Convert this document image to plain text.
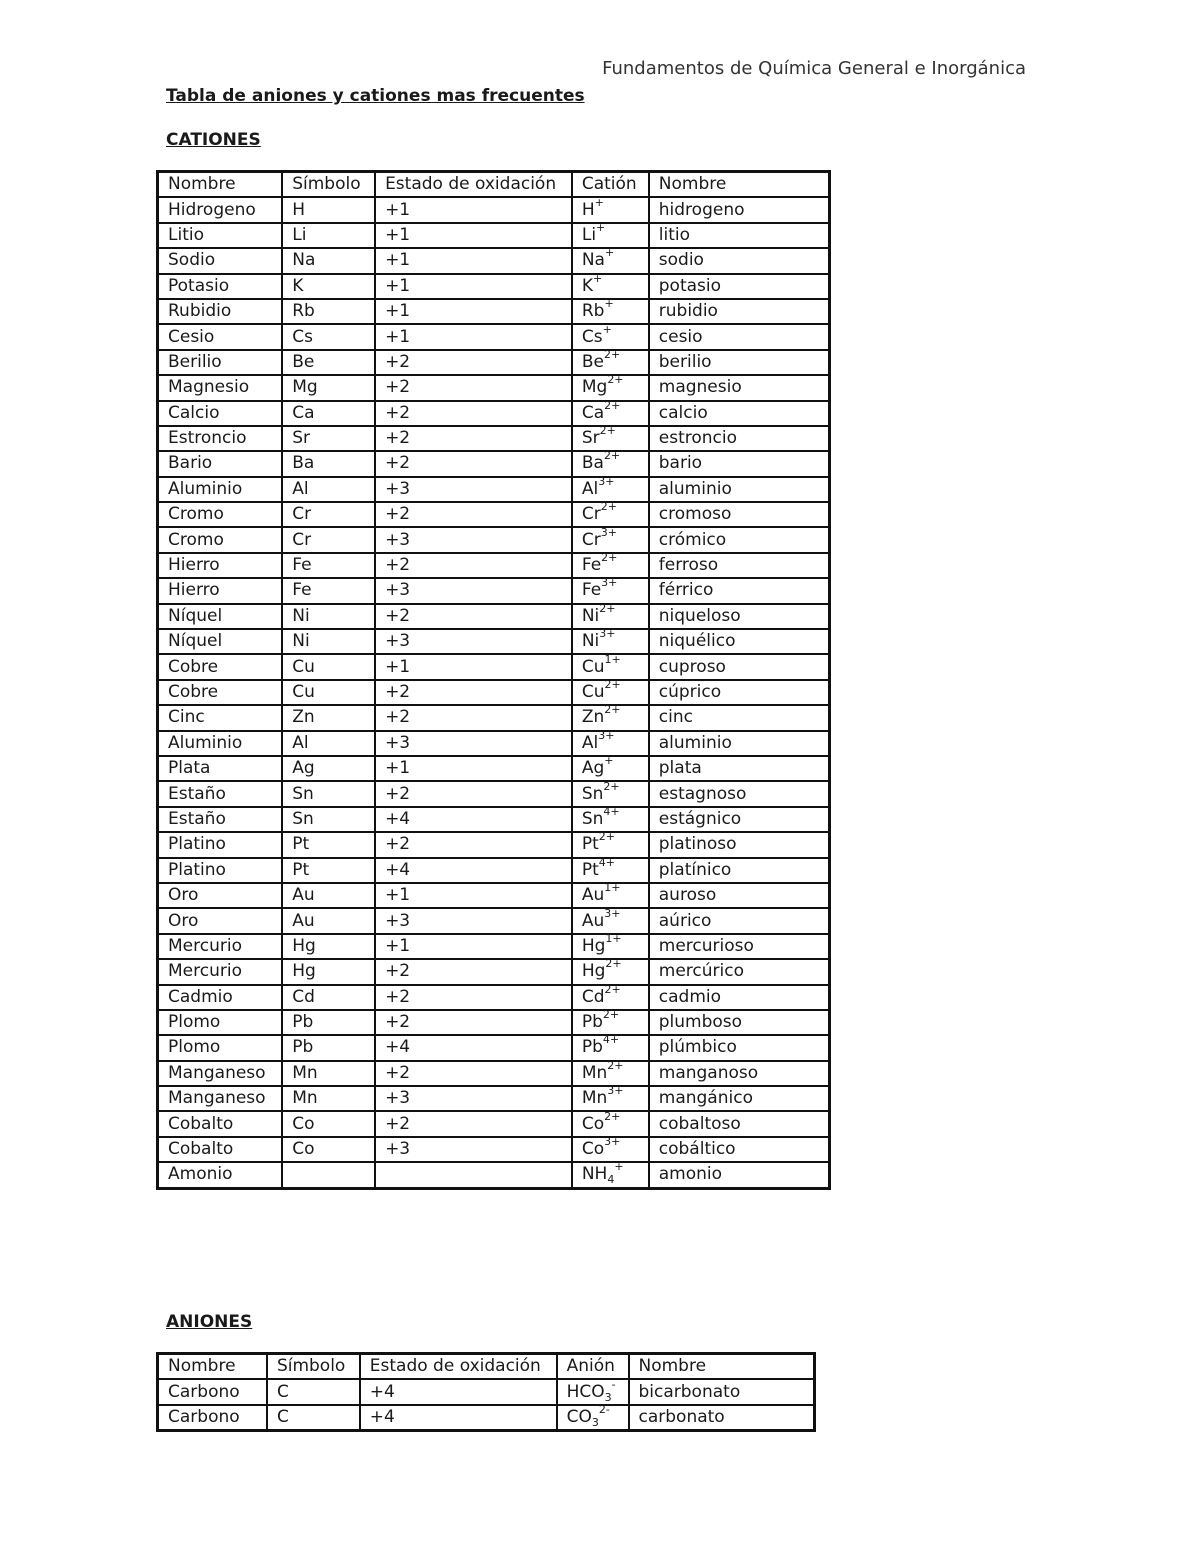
Fundamentos de Química General e Inorgánica
Tabla de aniones y cationes mas frecuentes
CATIONES
Nombre	Símbolo	Estado de oxidación	Catión	Nombre
Hidrogeno	H	+1	H+	hidrogeno
Litio	Li	+1	Li+	litio
Sodio	Na	+1	Na+	sodio
Potasio	K	+1	K+	potasio
Rubidio	Rb	+1	Rb+	rubidio
Cesio	Cs	+1	Cs+	cesio
Berilio	Be	+2	$Be^{2+}$	berilio
Magnesio	Mg	+2	$Mg^{2+}$	magnesio
Calcio	Ca	+2	$Ca^{2+}$	calcio
Estroncio	Sr	+2	$Sr^{2+}$	estroncio
Bario	Ba	+2	$Ba^{2+}$	bario
Aluminio	Al	+3	$Al^{3+}$	aluminio
Cromo	Cr	+2	$Cr^{2+}$	cromoso
Cromo	Cr	+3	$Cr^{3+}$	crómico
Hierro	Fe	+2	$Fe^{2+}$	ferroso
Hierro	Fe	+3	$Fe^{3+}$	férrico
Níquel	Ni	+2	$Ni^{2+}$	niqueloso
Níquel	Ni	+3	$Ni^{3+}$	niquélico
Cobre	Cu	+1	$Cu^{1+}$	cuproso
Cobre	Cu	+2	$Cu^{2+}$	cúprico
Cinc	Zn	+2	$Zn^{2+}$	cinc
Aluminio	Al	+3	$Al^{3+}$	aluminio
Plata	Ag	+1	Ag+	plata
Estaño	Sn	+2	$Sn^{2+}$	estagnoso
Estaño	Sn	+4	$Sn^{4+}$	estágnico
Platino	Pt	+2	$Pt^{2+}$	platinoso
Platino	Pt	+4	$Pt^{4+}$	platínico
Oro	Au	+1	$Au^{1+}$	auroso
Oro	Au	+3	$Au^{3+}$	aúrico
Mercurio	Hg	+1	$Hg^{1+}$	mercurioso
Mercurio	Hg	+2	$Hg^{2+}$	mercúrico
Cadmio	Cd	+2	$Cd^{2+}$	cadmio
Plomo	Pb	+2	$Pb^{2+}$	plumboso
Plomo	Pb	+4	$Pb^{4+}$	plúmbico
Manganeso	Mn	+2	$Mn^{2+}$	manganoso
Manganeso	Mn	+3	$Mn^{3+}$	mangánico
Cobalto	Co	+2	$Co^{2+}$	cobaltoso
Cobalto	Co	+3	$Co^{3+}$	cobáltico
Amonio			$NH_4^+$	amonio
ANIONES
Nombre	Símbolo	Estado de oxidación	Anión	Nombre
Carbono	C	+4	$HCO_3^-$	bicarbonato
Carbono	C	+4	$CO_3^{2-}$	carbonato
